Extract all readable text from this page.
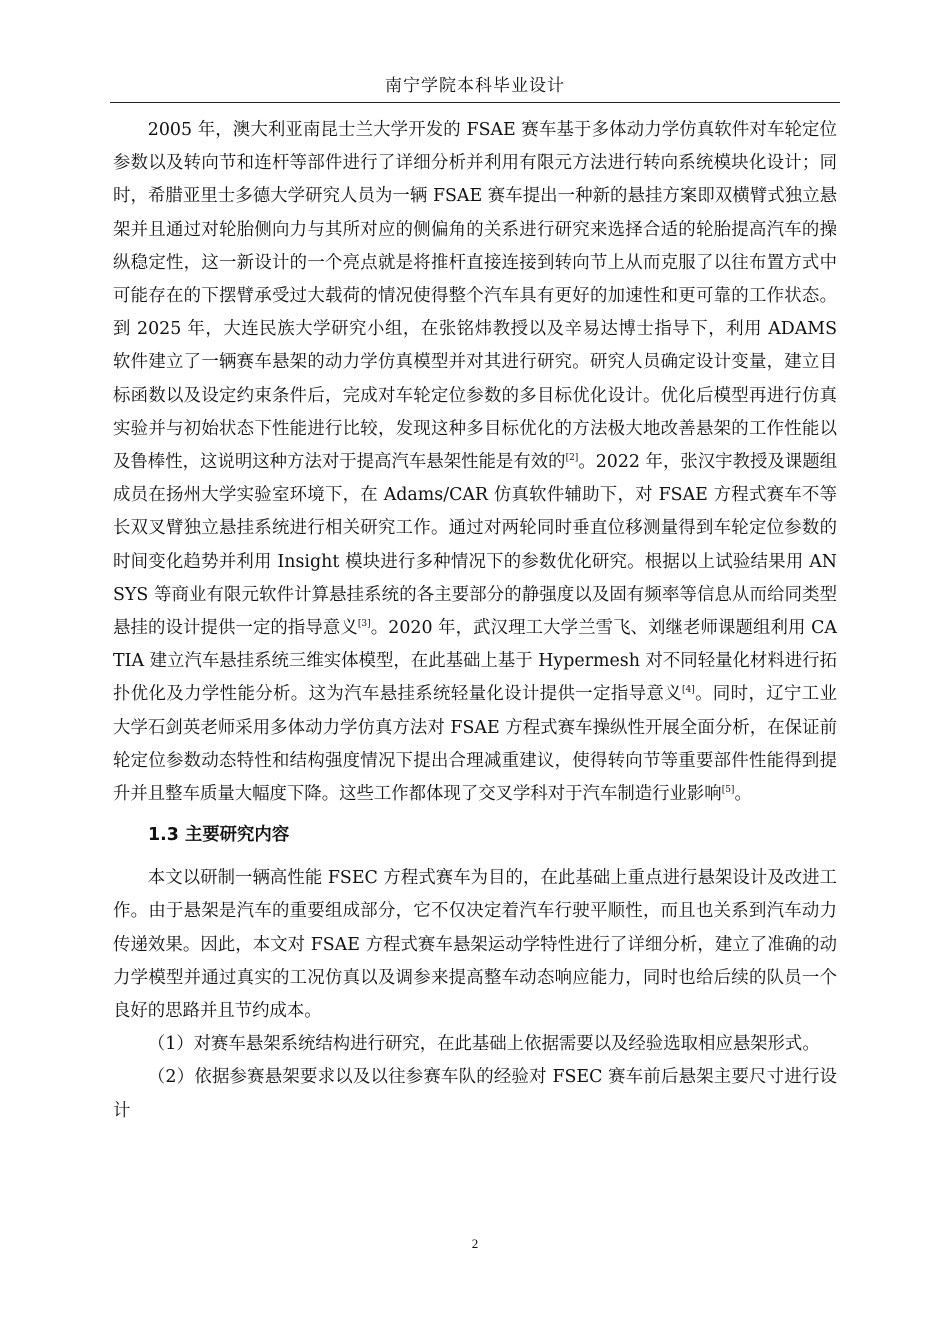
南宁学院本科毕业设计

2005 年，澳大利亚南昆士兰大学开发的 FSAE 赛车基于多体动力学仿真软件对车轮定位参数以及转向节和连杆等部件进行了详细分析并利用有限元方法进行转向系统模块化设计；同时，希腊亚里士多德大学研究人员为一辆 FSAE 赛车提出一种新的悬挂方案即双横臂式独立悬架并且通过对轮胎侧向力与其所对应的侧偏角的关系进行研究来选择合适的轮胎提高汽车的操纵稳定性，这一新设计的一个亮点就是将推杆直接连接到转向节上从而克服了以往布置方式中可能存在的下摆臂承受过大载荷的情况使得整个汽车具有更好的加速性和更可靠的工作状态。到 2025 年，大连民族大学研究小组，在张铭炜教授以及辛易达博士指导下，利用 ADAMS 软件建立了一辆赛车悬架的动力学仿真模型并对其进行研究。研究人员确定设计变量，建立目标函数以及设定约束条件后，完成对车轮定位参数的多目标优化设计。优化后模型再进行仿真实验并与初始状态下性能进行比较，发现这种多目标优化的方法极大地改善悬架的工作性能以及鲁棒性，这说明这种方法对于提高汽车悬架性能是有效的[2]。2022 年，张汉宇教授及课题组成员在扬州大学实验室环境下，在 Adams/CAR 仿真软件辅助下，对 FSAE 方程式赛车不等长双叉臂独立悬挂系统进行相关研究工作。通过对两轮同时垂直位移测量得到车轮定位参数的时间变化趋势并利用 Insight 模块进行多种情况下的参数优化研究。根据以上试验结果用 ANSYS 等商业有限元软件计算悬挂系统的各主要部分的静强度以及固有频率等信息从而给同类型悬挂的设计提供一定的指导意义[3]。2020 年，武汉理工大学兰雪飞、刘继老师课题组利用 CATIA 建立汽车悬挂系统三维实体模型，在此基础上基于 Hypermesh 对不同轻量化材料进行拓扑优化及力学性能分析。这为汽车悬挂系统轻量化设计提供一定指导意义[4]。同时，辽宁工业大学石剑英老师采用多体动力学仿真方法对 FSAE 方程式赛车操纵性开展全面分析，在保证前轮定位参数动态特性和结构强度情况下提出合理减重建议，使得转向节等重要部件性能得到提升并且整车质量大幅度下降。这些工作都体现了交叉学科对于汽车制造行业影响[5]。

1.3 主要研究内容

本文以研制一辆高性能 FSEC 方程式赛车为目的，在此基础上重点进行悬架设计及改进工作。由于悬架是汽车的重要组成部分，它不仅决定着汽车行驶平顺性，而且也关系到汽车动力传递效果。因此，本文对 FSAE 方程式赛车悬架运动学特性进行了详细分析，建立了准确的动力学模型并通过真实的工况仿真以及调参来提高整车动态响应能力，同时也给后续的队员一个良好的思路并且节约成本。

（1）对赛车悬架系统结构进行研究，在此基础上依据需要以及经验选取相应悬架形式。

（2）依据参赛悬架要求以及以往参赛车队的经验对 FSEC 赛车前后悬架主要尺寸进行设计

2
